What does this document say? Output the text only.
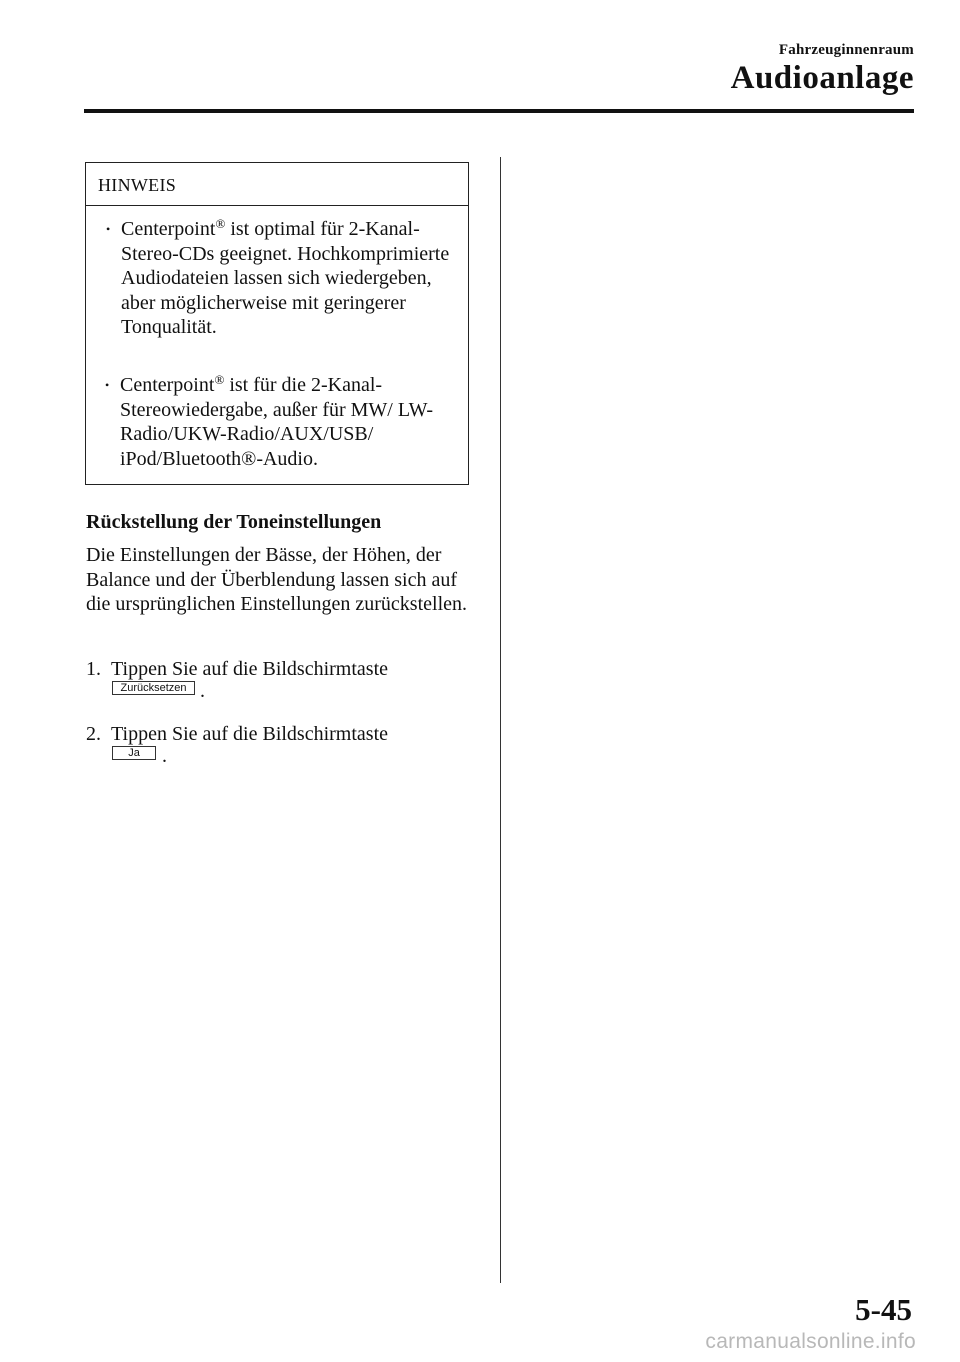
Fahrzeuginnenraum
Audioanlage
HINWEIS
• Centerpoint® ist optimal für 2-Kanal-Stereo-CDs geeignet. Hochkomprimierte Audiodateien lassen sich wiedergeben, aber möglicherweise mit geringerer Tonqualität.
• Centerpoint® ist für die 2-Kanal-Stereowiedergabe, außer für MW/ LW-Radio/UKW-Radio/AUX/USB/ iPod/Bluetooth®-Audio.
Rückstellung der Toneinstellungen
Die Einstellungen der Bässe, der Höhen, der Balance und der Überblendung lassen sich auf die ursprünglichen Einstellungen zurückstellen.
1. Tippen Sie auf die Bildschirmtaste
Zurücksetzen .
2. Tippen Sie auf die Bildschirmtaste
Ja	.
5-45
carmanualsonline.info
